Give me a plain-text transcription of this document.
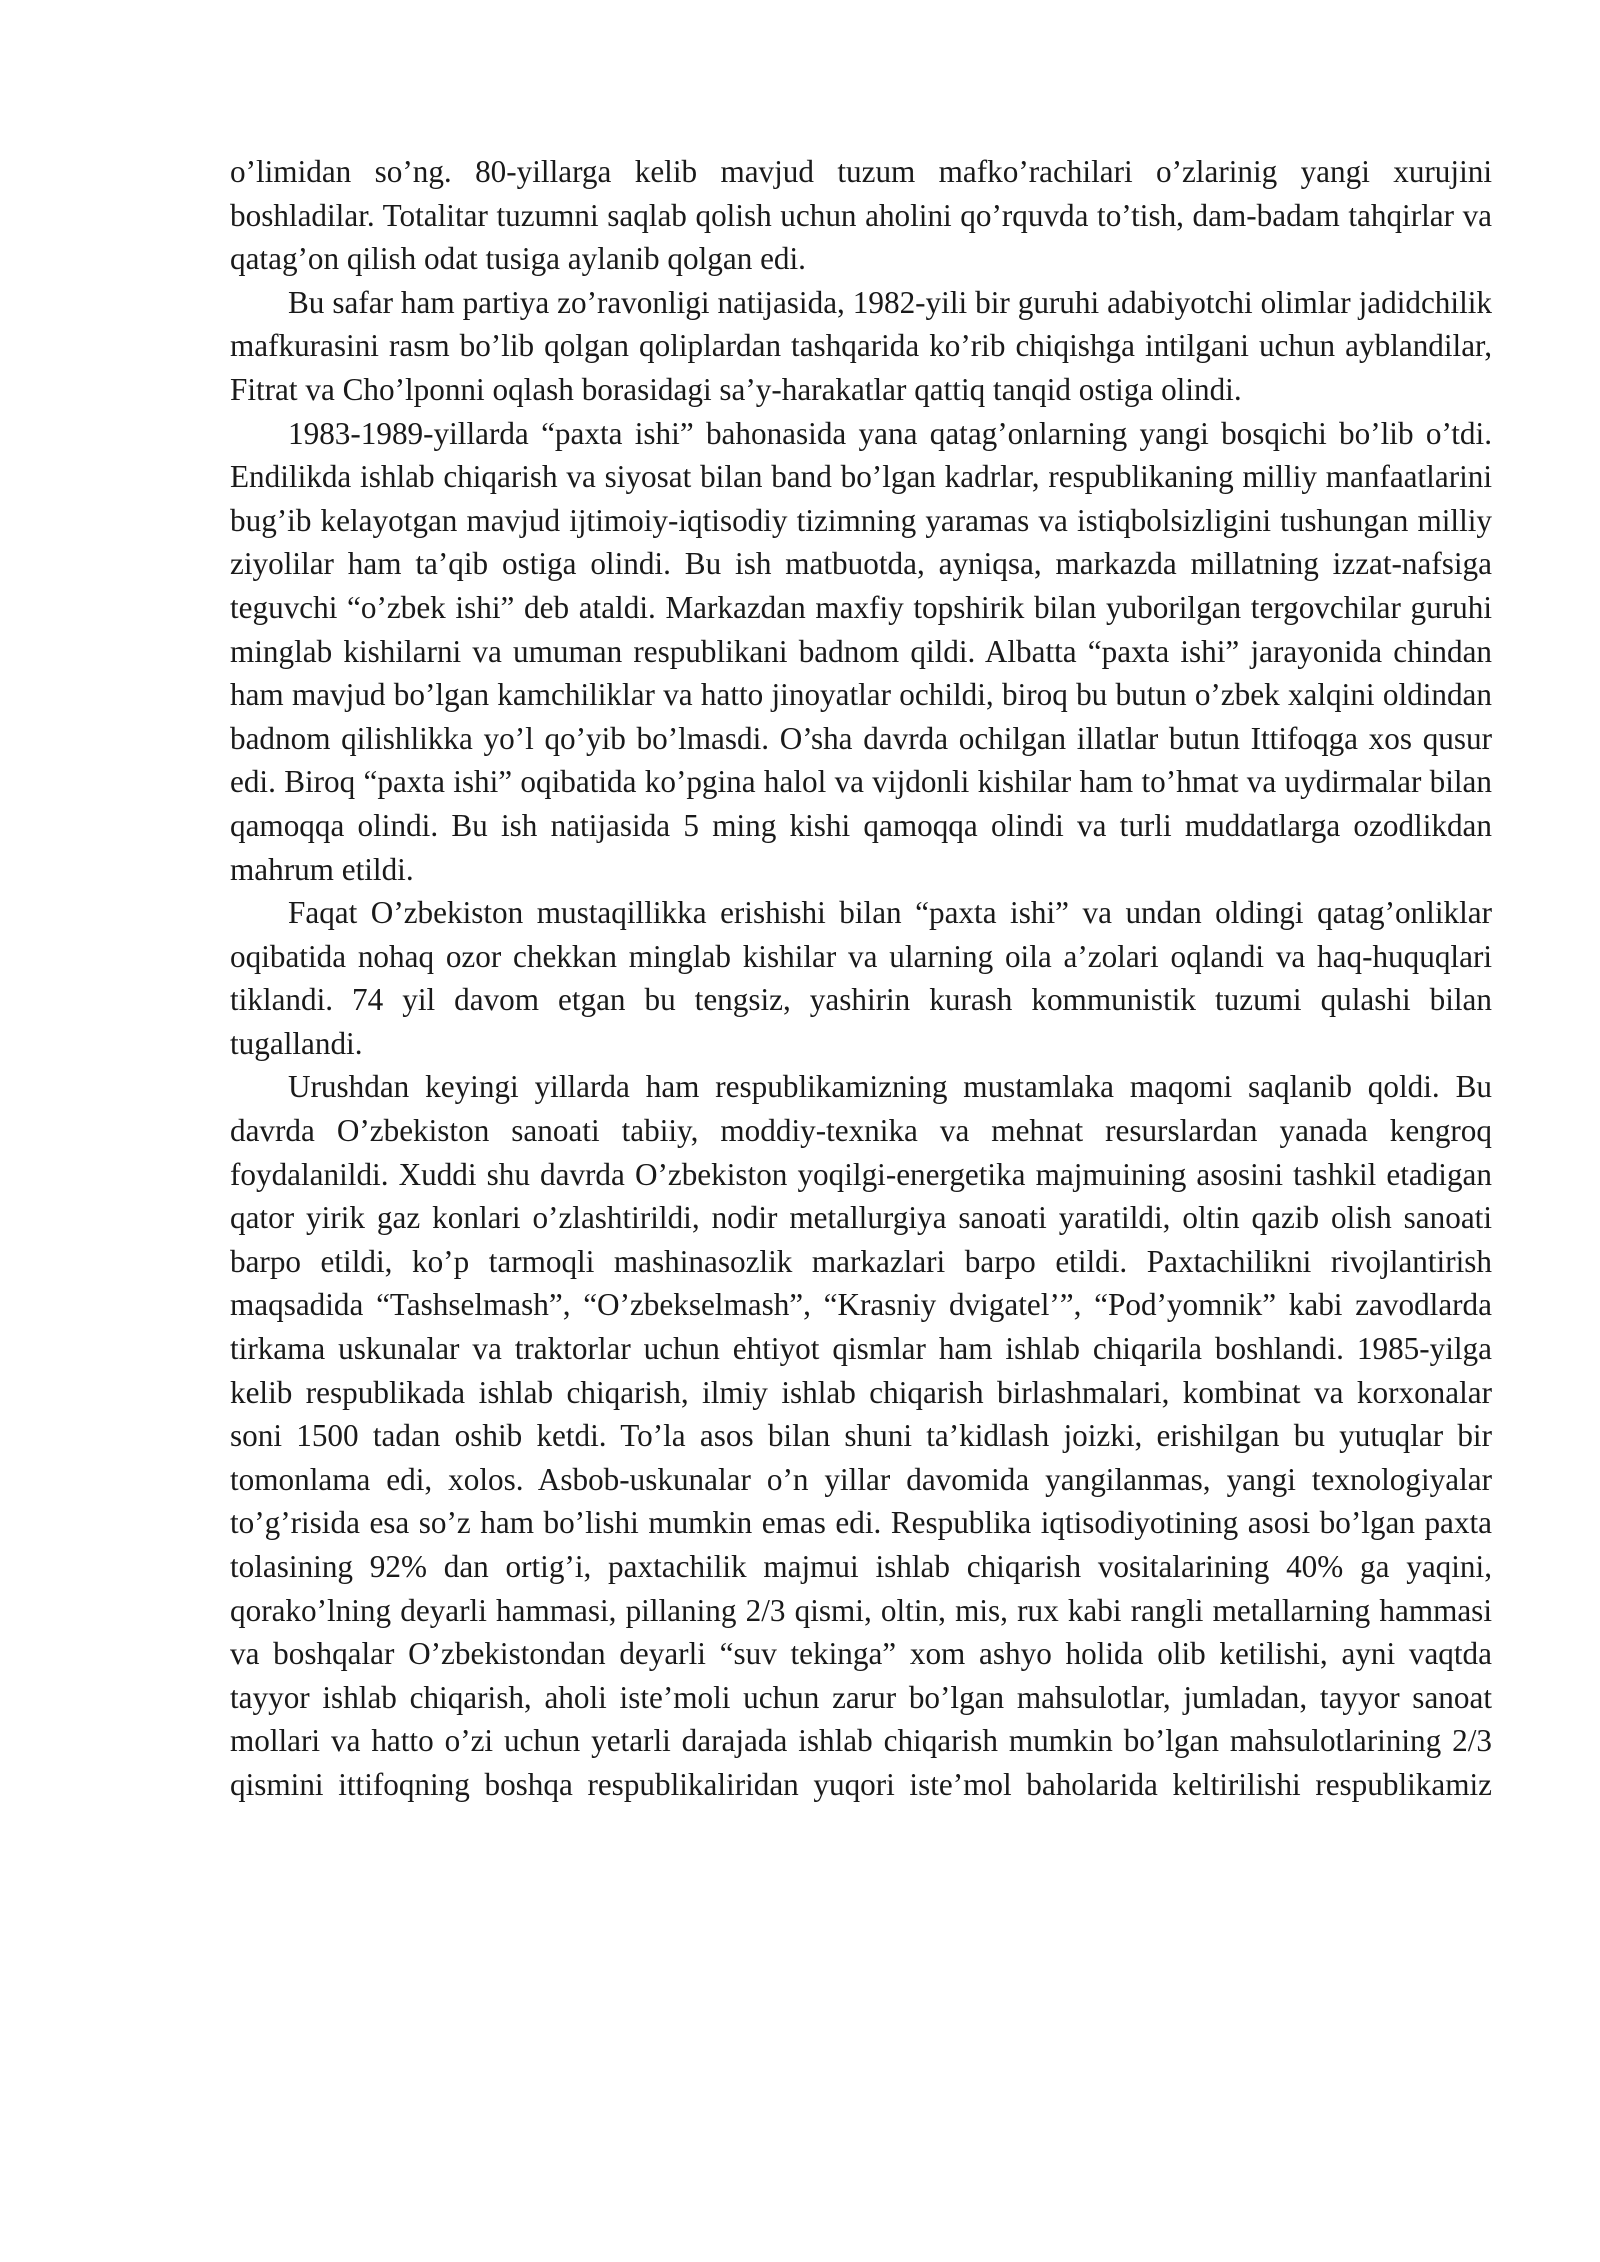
o’limidan so’ng. 80-yillarga kelib mavjud tuzum mafko’rachilari o’zlarinig yangi xurujini boshladilar. Totalitar tuzumni saqlab qolish uchun aholini qo’rquvda to’tish, dam-badam tahqirlar va qatag’on qilish odat tusiga aylanib qolgan edi.

Bu safar ham partiya zo’ravonligi natijasida, 1982-yili bir guruhi adabiyotchi olimlar jadidchilik mafkurasini rasm bo’lib qolgan qoliplardan tashqarida ko’rib chiqishga intilgani uchun ayblandilar, Fitrat va Cho’lponni oqlash borasidagi sa’y-harakatlar qattiq tanqid ostiga olindi.

1983-1989-yillarda “paxta ishi” bahonasida yana qatag’onlarning yangi bosqichi bo’lib o’tdi. Endilikda ishlab chiqarish va siyosat bilan band bo’lgan kadrlar, respublikaning milliy manfaatlarini bug’ib kelayotgan mavjud ijtimoiy-iqtisodiy tizimning yaramas va istiqbolsizligini tushungan milliy ziyolilar ham ta’qib ostiga olindi. Bu ish matbuotda, ayniqsa, markazda millatning izzat-nafsiga teguvchi “o’zbek ishi” deb ataldi. Markazdan maxfiy topshirik bilan yuborilgan tergovchilar guruhi minglab kishilarni va umuman respublikani badnom qildi. Albatta “paxta ishi” jarayonida chindan ham mavjud bo’lgan kamchiliklar va hatto jinoyatlar ochildi, biroq bu butun o’zbek xalqini oldindan badnom qilishlikka yo’l qo’yib bo’lmasdi. O’sha davrda ochilgan illatlar butun Ittifoqga xos qusur edi. Biroq “paxta ishi” oqibatida ko’pgina halol va vijdonli kishilar ham to’hmat va uydirmalar bilan qamoqqa olindi. Bu ish natijasida 5 ming kishi qamoqqa olindi va turli muddatlarga ozodlikdan mahrum etildi.

Faqat O’zbekiston mustaqillikka erishishi bilan “paxta ishi” va undan oldingi qatag’onliklar oqibatida nohaq ozor chekkan minglab kishilar va ularning oila a’zolari oqlandi va haq-huquqlari tiklandi. 74 yil davom etgan bu tengsiz, yashirin kurash kommunistik tuzumi qulashi bilan tugallandi.

Urushdan keyingi yillarda ham respublikamizning mustamlaka maqomi saqlanib qoldi. Bu davrda O’zbekiston sanoati tabiiy, moddiy-texnika va mehnat resurslardan yanada kengroq foydalanildi. Xuddi shu davrda O’zbekiston yoqilgi-energetika majmuining asosini tashkil etadigan qator yirik gaz konlari o’zlashtirildi, nodir metallurgiya sanoati yaratildi, oltin qazib olish sanoati barpo etildi, ko’p tarmoqli mashinasozlik markazlari barpo etildi. Paxtachilikni rivojlantirish maqsadida “Tashselmash”, “O’zbekselmash”, “Krasniy dvigatel’”, “Pod’yomnik” kabi zavodlarda tirkama uskunalar va traktorlar uchun ehtiyot qismlar ham ishlab chiqarila boshlandi. 1985-yilga kelib respublikada ishlab chiqarish, ilmiy ishlab chiqarish birlashmalari, kombinat va korxonalar soni 1500 tadan oshib ketdi. To’la asos bilan shuni ta’kidlash joizki, erishilgan bu yutuqlar bir tomonlama edi, xolos. Asbob-uskunalar o’n yillar davomida yangilanmas, yangi texnologiyalar to’g’risida esa so’z ham bo’lishi mumkin emas edi. Respublika iqtisodiyotining asosi bo’lgan paxta tolasining 92% dan ortig’i, paxtachilik majmui ishlab chiqarish vositalarining 40% ga yaqini, qorako’lning deyarli hammasi, pillaning 2/3 qismi, oltin, mis, rux kabi rangli metallarning hammasi va boshqalar O’zbekistondan deyarli “suv tekinga” xom ashyo holida olib ketilishi, ayni vaqtda tayyor ishlab chiqarish, aholi iste’moli uchun zarur bo’lgan mahsulotlar, jumladan, tayyor sanoat mollari va hatto o’zi uchun yetarli darajada ishlab chiqarish mumkin bo’lgan mahsulotlarining 2/3 qismini ittifoqning boshqa respublikaliridan yuqori iste’mol baholarida keltirilishi respublikamiz
